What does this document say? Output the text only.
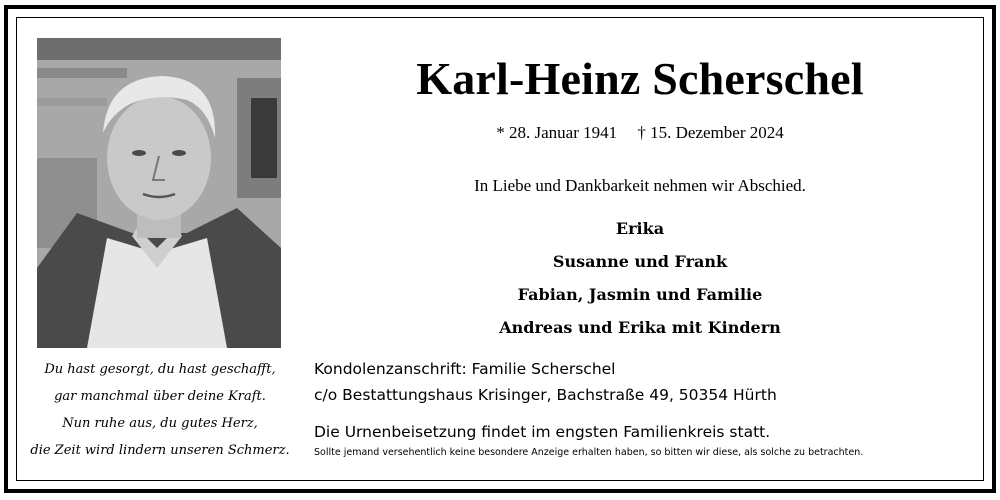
Du hast gesorgt, du hast geschafft,
gar manchmal über deine Kraft.
Nun ruhe aus, du gutes Herz,
die Zeit wird lindern unseren Schmerz.
Karl-Heinz Scherschel
* 28. Januar 1941 † 15. Dezember 2024
In Liebe und Dankbarkeit nehmen wir Abschied.
Erika
Susanne und Frank
Fabian, Jasmin und Familie
Andreas und Erika mit Kindern
Kondolenzanschrift: Familie Scherschel
c/o Bestattungshaus Krisinger, Bachstraße 49, 50354 Hürth
Die Urnenbeisetzung findet im engsten Familienkreis statt.
Sollte jemand versehentlich keine besondere Anzeige erhalten haben, so bitten wir diese, als solche zu betrachten.
